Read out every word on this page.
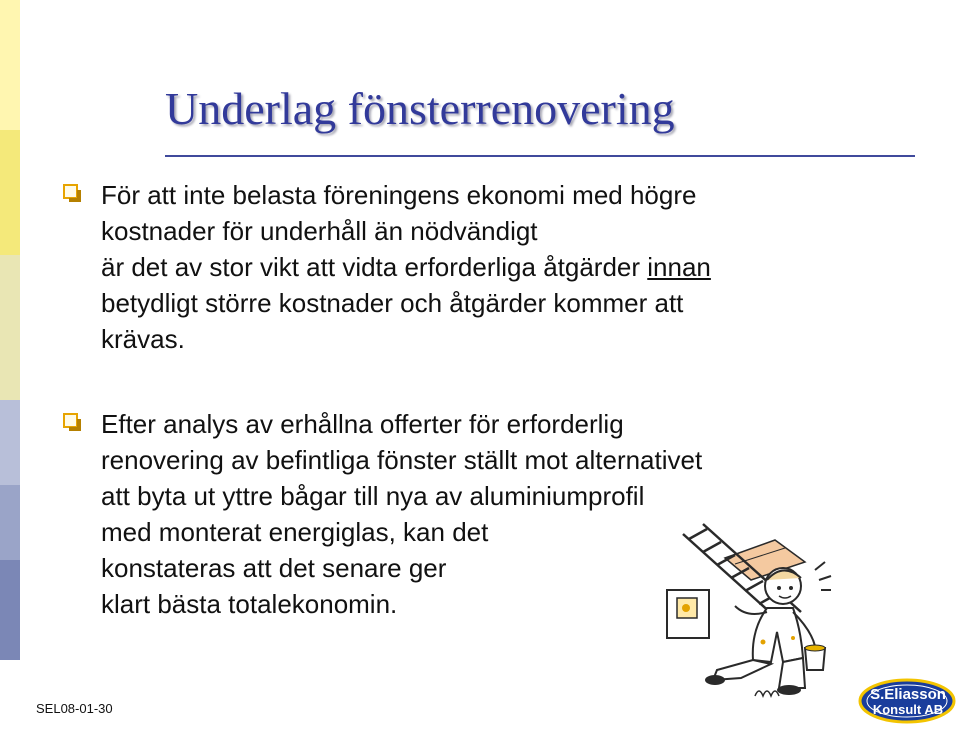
Underlag fönsterrenovering

För att inte belasta föreningens ekonomi med högre
kostnader för underhåll än nödvändigt
är det av stor vikt att vidta erforderliga åtgärder innan
betydligt större kostnader och åtgärder kommer att
krävas.

Efter analys av erhållna offerter för erforderlig
renovering av befintliga fönster ställt mot alternativet
att byta ut yttre bågar till nya av aluminiumprofil
med monterat energiglas, kan det
konstateras att det senare ger
klart bästa totalekonomin.

S.Eliasson
Konsult AB
SEL08-01-30
